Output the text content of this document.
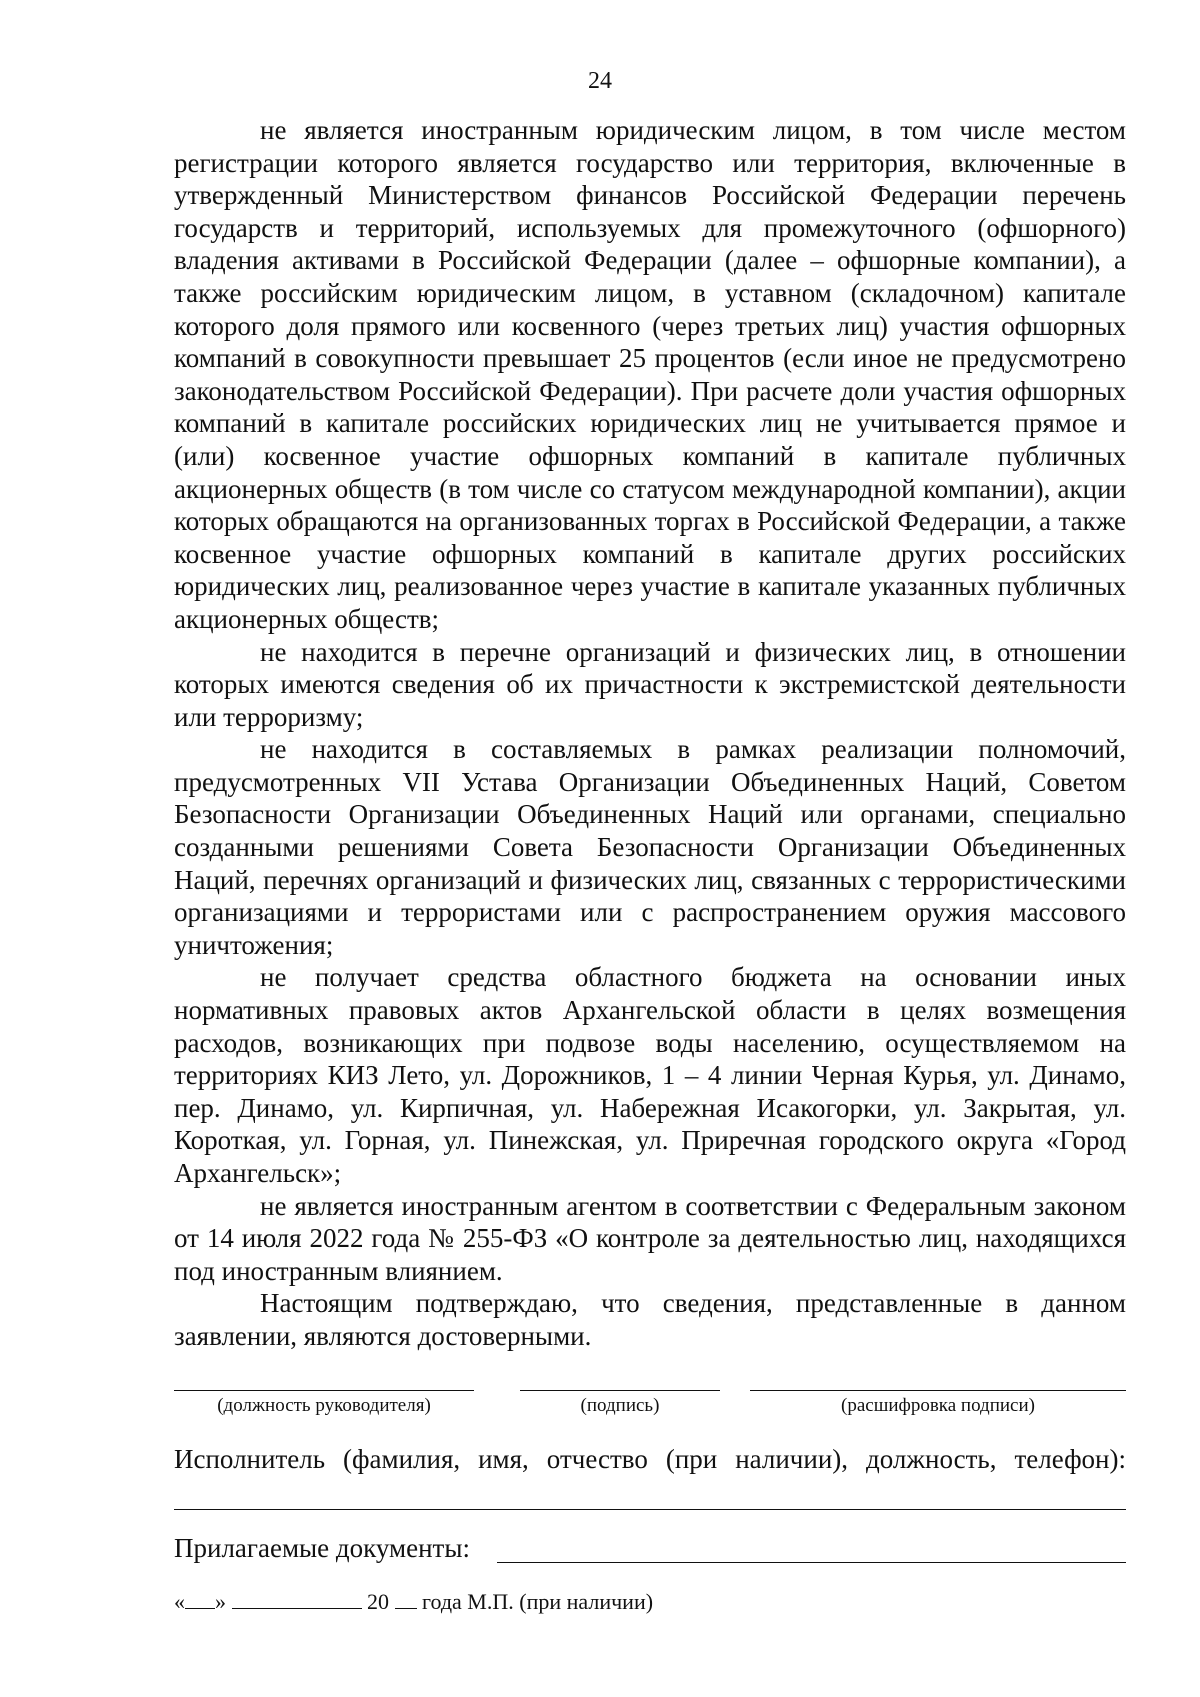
24

не является иностранным юридическим лицом, в том числе местом регистрации которого является государство или территория, включенные в утвержденный Министерством финансов Российской Федерации перечень государств и территорий, используемых для промежуточного (офшорного) владения активами в Российской Федерации (далее – офшорные компании), а также российским юридическим лицом, в уставном (складочном) капитале которого доля прямого или косвенного (через третьих лиц) участия офшорных компаний в совокупности превышает 25 процентов (если иное не предусмотрено законодательством Российской Федерации). При расчете доли участия офшорных компаний в капитале российских юридических лиц не учитывается прямое и (или) косвенное участие офшорных компаний в капитале публичных акционерных обществ (в том числе со статусом международной компании), акции которых обращаются на организованных торгах в Российской Федерации, а также косвенное участие офшорных компаний в капитале других российских юридических лиц, реализованное через участие в капитале указанных публичных акционерных обществ;

не находится в перечне организаций и физических лиц, в отношении которых имеются сведения об их причастности к экстремистской деятельности или терроризму;

не находится в составляемых в рамках реализации полномочий, предусмотренных VII Устава Организации Объединенных Наций, Советом Безопасности Организации Объединенных Наций или органами, специально созданными решениями Совета Безопасности Организации Объединенных Наций, перечнях организаций и физических лиц, связанных с террористическими организациями и террористами или с распространением оружия массового уничтожения;

не получает средства областного бюджета на основании иных нормативных правовых актов Архангельской области в целях возмещения расходов, возникающих при подвозе воды населению, осуществляемом на территориях КИЗ Лето, ул. Дорожников, 1 – 4 линии Черная Курья, ул. Динамо, пер. Динамо, ул. Кирпичная, ул. Набережная Исакогорки, ул. Закрытая, ул. Короткая, ул. Горная, ул. Пинежская, ул. Приречная городского округа «Город Архангельск»;

не является иностранным агентом в соответствии с Федеральным законом от 14 июля 2022 года № 255-ФЗ «О контроле за деятельностью лиц, находящихся под иностранным влиянием.

Настоящим подтверждаю, что сведения, представленные в данном заявлении, являются достоверными.

(должность руководителя)	(подпись)	(расшифровка подписи)
Исполнитель (фамилия, имя, отчество (при наличии), должность, телефон):
Прилагаемые документы:
« »	20 года М.П. (при наличии)
